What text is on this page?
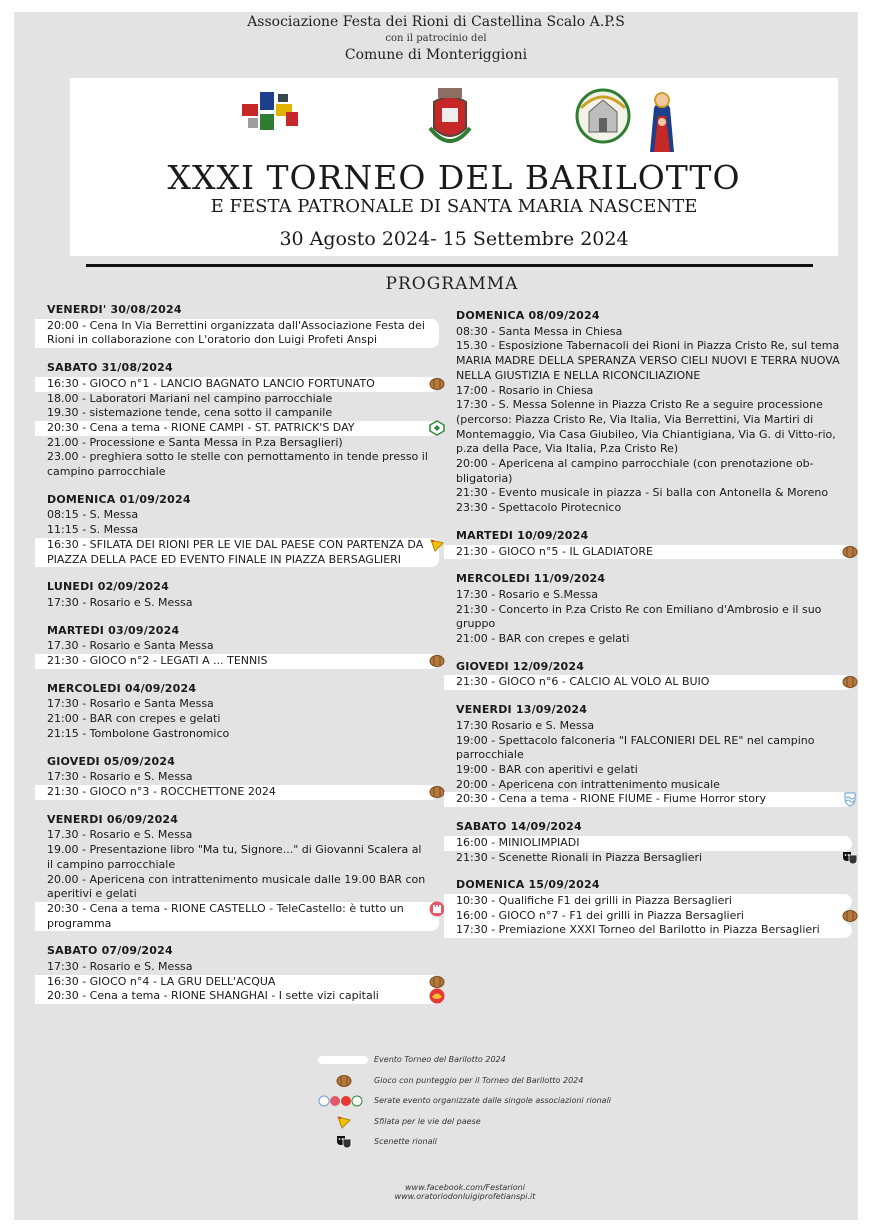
Associazione Festa dei Rioni di Castellina Scalo A.P.S
con il patrocinio del
Comune di Monteriggioni
XXXI TORNEO DEL BARILOTTO
E FESTA PATRONALE DI SANTA MARIA NASCENTE
30 Agosto 2024- 15 Settembre 2024
PROGRAMMA
VENERDI' 30/08/2024
20:00 - Cena In Via Berrettini organizzata dall'Associazione Festa dei Rioni in collaborazione con L'oratorio don Luigi Profeti Anspi
SABATO 31/08/2024
16:30 - GIOCO n°1 - LANCIO BAGNATO LANCIO FORTUNATO
18.00 - Laboratori Mariani nel campino parrocchiale
19.30 - sistemazione tende, cena sotto il campanile
20:30 - Cena a tema - RIONE CAMPI - ST. PATRICK'S DAY
21.00 - Processione e Santa Messa in P.za Bersaglieri)
23.00 - preghiera sotto le stelle con pernottamento in tende presso il campino parrocchiale
DOMENICA 01/09/2024
08:15 - S. Messa
11:15 - S. Messa
16:30 - SFILATA DEI RIONI PER LE VIE DAL PAESE CON PARTENZA DA PIAZZA DELLA PACE ED EVENTO FINALE IN PIAZZA BERSAGLIERI
LUNEDI 02/09/2024
17:30 - Rosario e S. Messa
MARTEDI 03/09/2024
17.30 - Rosario e Santa Messa
21:30 - GIOCO n°2 - LEGATI A ... TENNIS
MERCOLEDI 04/09/2024
17:30 - Rosario e Santa Messa
21:00 - BAR con crepes e gelati
21:15 - Tombolone Gastronomico
GIOVEDI 05/09/2024
17:30 - Rosario e S. Messa
21:30 - GIOCO n°3 - ROCCHETTONE 2024
VENERDI 06/09/2024
17.30 - Rosario e S. Messa
19.00 - Presentazione libro "Ma tu, Signore..." di Giovanni Scalera al il campino parrocchiale
20.00 - Apericena con intrattenimento musicale dalle 19.00 BAR con aperitivi e gelati
20:30 - Cena a tema - RIONE CASTELLO - TeleCastello: è tutto un programma
SABATO 07/09/2024
17:30 - Rosario e S. Messa
16:30 - GIOCO n°4 - LA GRU DELL'ACQUA
20:30 - Cena a tema - RIONE SHANGHAI - I sette vizi capitali
DOMENICA 08/09/2024
08:30 - Santa Messa in Chiesa
15.30 - Esposizione Tabernacoli dei Rioni in Piazza Cristo Re, sul tema MARIA MADRE DELLA SPERANZA VERSO CIELI NUOVI E TERRA NUOVA NELLA GIUSTIZIA E NELLA RICONCILIAZIONE
17:00 - Rosario in Chiesa
17:30 - S. Messa Solenne in Piazza Cristo Re a seguire processione (percorso: Piazza Cristo Re, Via Italia, Via Berrettini, Via Martiri di Montemaggio, Via Casa Giubileo, Via Chiantigiana, Via G. di Vitto-rio, p.za della Pace, Via Italia, P.za Cristo Re)
20:00 - Apericena al campino parrocchiale (con prenotazione ob-bligatoria)
21:30 - Evento musicale in piazza - Si balla con Antonella & Moreno
23:30 - Spettacolo Pirotecnico
MARTEDI 10/09/2024
21:30 - GIOCO n°5 - IL GLADIATORE
MERCOLEDI 11/09/2024
17:30 - Rosario e S.Messa
21:30 - Concerto in P.za Cristo Re con Emiliano d'Ambrosio e il suo gruppo
21:00 - BAR con crepes e gelati
GIOVEDI 12/09/2024
21:30 - GIOCO n°6 - CALCIO AL VOLO AL BUIO
VENERDI 13/09/2024
17:30 Rosario e S. Messa
19:00 - Spettacolo falconeria "I FALCONIERI DEL RE" nel campino parrocchiale
19:00 - BAR con aperitivi e gelati
20:00 - Apericena con intrattenimento musicale
20:30 - Cena a tema - RIONE FIUME - Fiume Horror story
SABATO 14/09/2024
16:00 - MINIOLIMPIADI
21:30 - Scenette Rionali in Piazza Bersaglieri
DOMENICA 15/09/2024
10:30 - Qualifiche F1 dei grilli in Piazza Bersaglieri
16:00 - GIOCO n°7 - F1 dei grilli in Piazza Bersaglieri
17:30 - Premiazione XXXI Torneo del Barilotto in Piazza Bersaglieri
Evento Torneo del Barilotto 2024
Gioco con punteggio per il Torneo del Barilotto 2024
Serate evento organizzate dalle singole associazioni rionali
Sfilata per le vie del paese
Scenette rionali
www.facebook.com/Festarioni
www.oratoriodonluigiprofetianspi.it
